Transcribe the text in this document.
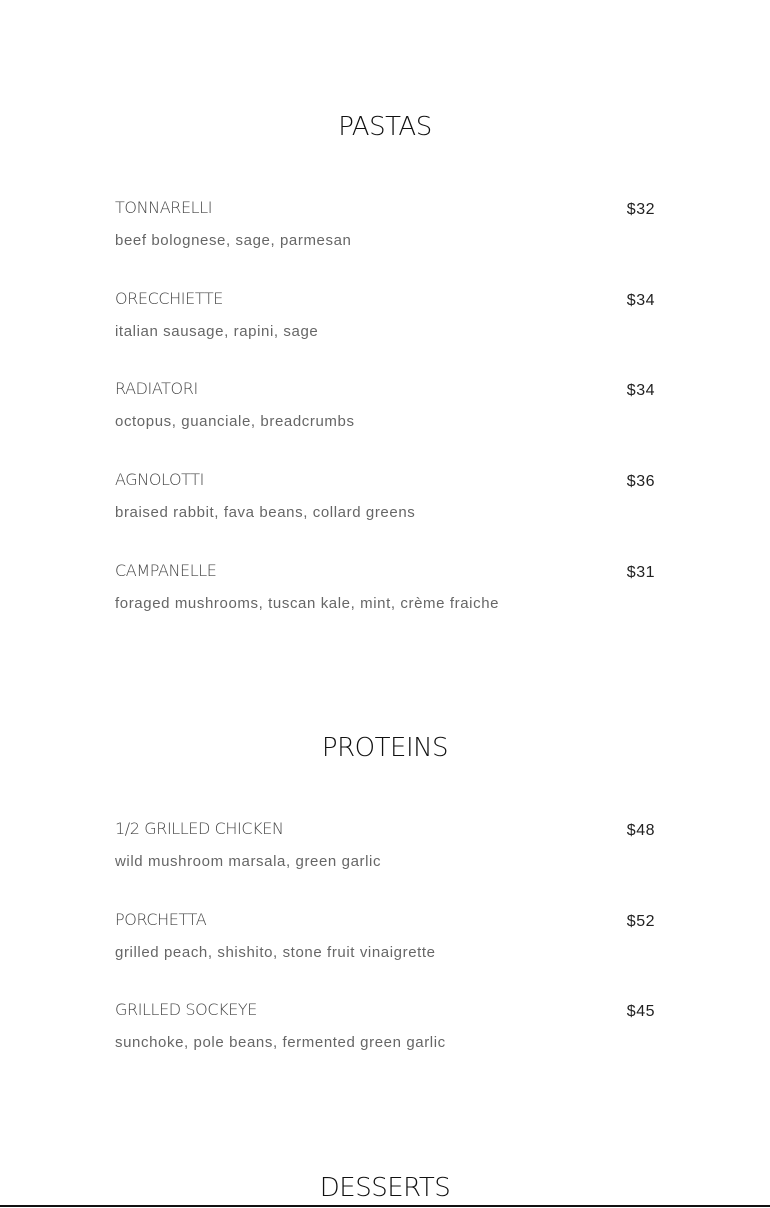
PASTAS
TONNARELLI	$32
beef bolognese, sage, parmesan
ORECCHIETTE	$34
italian sausage, rapini, sage
RADIATORI	$34
octopus, guanciale, breadcrumbs
AGNOLOTTI	$36
braised rabbit, fava beans, collard greens
CAMPANELLE	$31
foraged mushrooms, tuscan kale, mint, crème fraiche
PROTEINS
1/2 GRILLED CHICKEN	$48
wild mushroom marsala, green garlic
PORCHETTA	$52
grilled peach, shishito, stone fruit vinaigrette
GRILLED SOCKEYE	$45
sunchoke, pole beans, fermented green garlic
DESSERTS
